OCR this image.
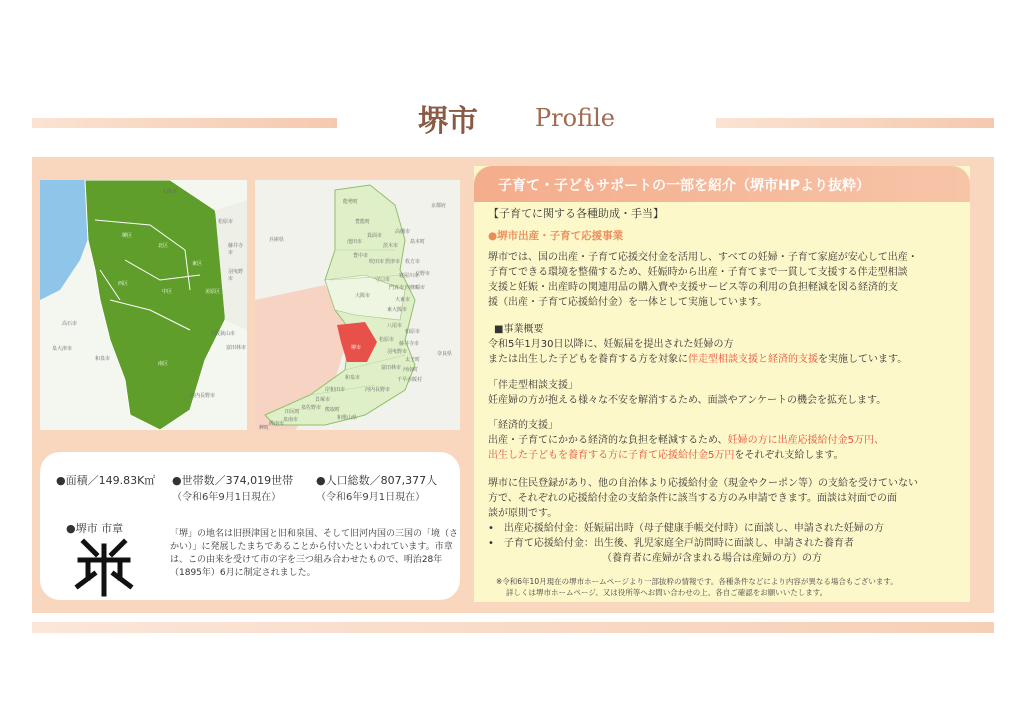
堺市 Profile
堺区
北区
東区
中区
西区
美原区
南区
大阪市
松原市
藤井寺市
羽曳野市
大阪狭山市
富田林市
河内長野市
和泉市
高石市
泉大津市
能勢町
豊能町
箕面市
池田市
茨木市
高槻市
島本町
豊中市
吹田市 摂津市 枚方市
交野市
寝屋川市
守口市
門真市 四條畷市
大東市
大阪市
東大阪市
八尾市
柏原市
松原市
羽曳野市
藤井寺市
太子町
河南町
千早赤阪村
富田林市
河内長野市
和泉市
岸和田市
貝塚市
泉佐野市 熊取町
田尻町
泉南市
阪南市
岬町
兵庫県
京都府
奈良県
和歌山県
堺市
●面積／149.83K㎡ ●世帯数／374,019世帯
（令和6年9月1日現在）
●人口総数／807,377人
（令和6年9月1日現在）
●堺市 市章	「堺」の地名は旧摂津国と旧和泉国、そして旧河内国の三国の「境（さかい）」に発展したまちであることから付いたといわれています。市章は、この由来を受けて市の字を三つ組み合わせたもので、明治28年（1895年）6月に制定されました。
子育て・子どもサポートの一部を紹介（堺市HPより抜粋）
【子育てに関する各種助成・手当】
●堺市出産・子育て応援事業
堺市では、国の出産・子育て応援交付金を活用し、すべての妊婦・子育て家庭が安心して出産・
子育てできる環境を整備するため、妊娠時から出産・子育てまで一貫して支援する伴走型相談
支援と妊娠・出産時の関連用品の購入費や支援サービス等の利用の負担軽減を図る経済的支
援（出産・子育て応援給付金）を一体として実施しています。
■事業概要
令和5年1月30日以降に、妊娠届を提出された妊婦の方
または出生した子どもを養育する方を対象に伴走型相談支援と経済的支援を実施しています。
「伴走型相談支援」
妊産婦の方が抱える様々な不安を解消するため、面談やアンケートの機会を拡充します。
「経済的支援」
出産・子育てにかかる経済的な負担を軽減するため、妊婦の方に出産応援給付金5万円、
出生した子どもを養育する方に子育て応援給付金5万円をそれぞれ支給します。
堺市に住民登録があり、他の自治体より応援給付金（現金やクーポン等）の支給を受けていない
方で、それぞれの応援給付金の支給条件に該当する方のみ申請できます。面談は対面での面
談が原則です。
•　出産応援給付金：妊娠届出時（母子健康手帳交付時）に面談し、申請された妊婦の方
•　子育て応援給付金：出生後、乳児家庭全戸訪問時に面談し、申請された養育者
（養育者に産婦が含まれる場合は産婦の方）の方
※令和6年10月現在の堺市ホームページより一部抜粋の情報です。各種条件などにより内容が異なる場合もございます。
詳しくは堺市ホームページ、又は役所等へお問い合わせの上、各自ご確認をお願いいたします。
